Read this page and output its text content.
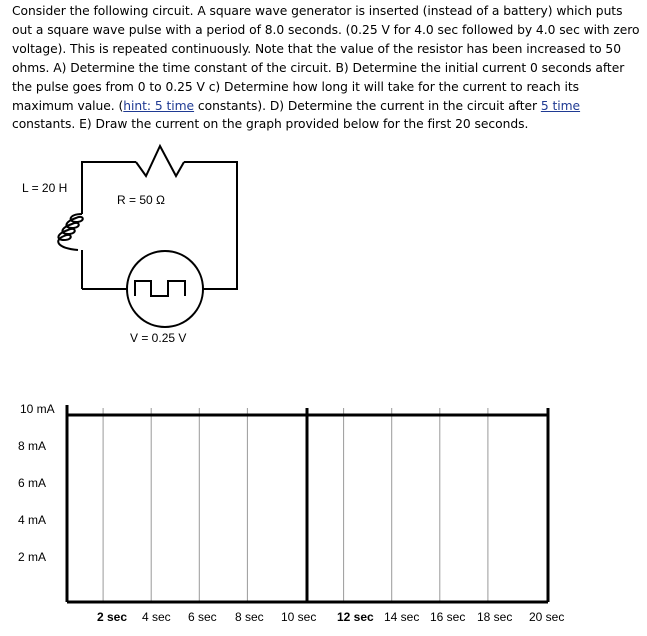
Consider the following circuit. A square wave generator is inserted (instead of a battery) which puts out a square wave pulse with a period of 8.0 seconds. (0.25 V for 4.0 sec followed by 4.0 sec with zero voltage). This is repeated continuously. Note that the value of the resistor has been increased to 50 ohms. A) Determine the time constant of the circuit. B) Determine the initial current 0 seconds after the pulse goes from 0 to 0.25 V c) Determine how long it will take for the current to reach its maximum value. (hint: 5 time constants). D) Determine the current in the circuit after 5 time constants. E) Draw the current on the graph provided below for the first 20 seconds.
L = 20 H
R = 50 Ω
V = 0.25 V
10 mA
8 mA
6 mA
4 mA
2 mA
2 sec 4 sec 6 sec 8 sec 10 sec 12 sec 14 sec 16 sec 18 sec 20 sec
